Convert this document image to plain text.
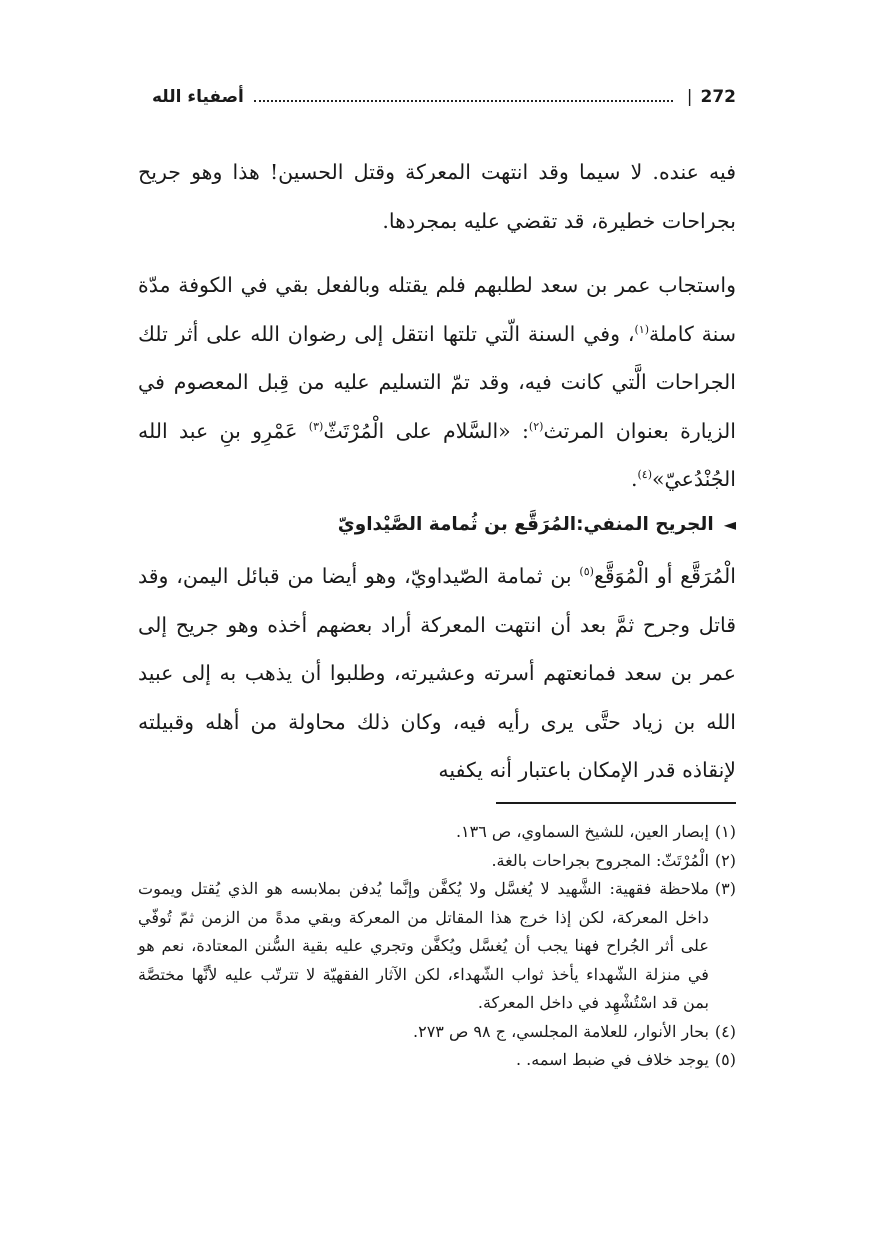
272
|
أصفياء الله
فيه عنده. لا سيما وقد انتهت المعركة وقتل الحسين! هذا وهو جريح بجراحات خطيرة، قد تقضي عليه بمجردها.
واستجاب عمر بن سعد لطلبهم فلم يقتله وبالفعل بقي في الكوفة مدّة سنة كاملة$^{(١)}$، وفي السنة الّتي تلتها انتقل إلى رضوان الله على أثر تلك الجراحات الَّتي كانت فيه، وقد تمّ التسليم عليه من قِبل المعصوم في الزيارة بعنوان المرتث$^{(٢)}$: «السَّلام على الْمُرْتَثّ$^{(٣)}$ عَمْرِو بنِ عبد الله الجُنْدُعيّ»$^{(٤)}$.
◄
الجريح المنفي:
المُرَقَّع بن ثُمامة الصَّيْداويّ
الْمُرَقَّع أو الْمُوَقَّع$^{(٥)}$ بن ثمامة الصّيداويّ، وهو أيضا من قبائل اليمن، وقد قاتل وجرح ثمَّ بعد أن انتهت المعركة أراد بعضهم أخذه وهو جريح إلى عمر بن سعد فمانعتهم أسرته وعشيرته، وطلبوا أن يذهب به إلى عبيد الله بن زياد حتَّى يرى رأيه فيه، وكان ذلك محاولة من أهله وقبيلته لإنقاذه قدر الإمكان باعتبار أنه يكفيه
(١)
إبصار العين، للشيخ السماوي، ص ١٣٦.
(٢)
الْمُرْتَثّ: المجروح بجراحات بالغة.
(٣)
ملاحظة فقهية: الشَّهيد لا يُغسَّل ولا يُكفَّن وإنَّما يُدفن بملابسه هو الذي يُقتل ويموت داخل المعركة، لكن إذا خرج هذا المقاتل من المعركة وبقي مدةً من الزمن ثمّ تُوفّي على أثر الجُراح فهنا يجب أن يُغسَّل ويُكفَّن وتجري عليه بقية السُّنن المعتادة، نعم هو في منزلة الشّهداء يأخذ ثواب الشّهداء، لكن الآثار الفقهيّة لا تترتّب عليه لأنَّها مختصَّة بمن قد اسْتُشْهِد في داخل المعركة.
(٤)
بحار الأنوار، للعلامة المجلسي، ج ٩٨ ص ٢٧٣.
(٥)
يوجد خلاف في ضبط اسمه. .
